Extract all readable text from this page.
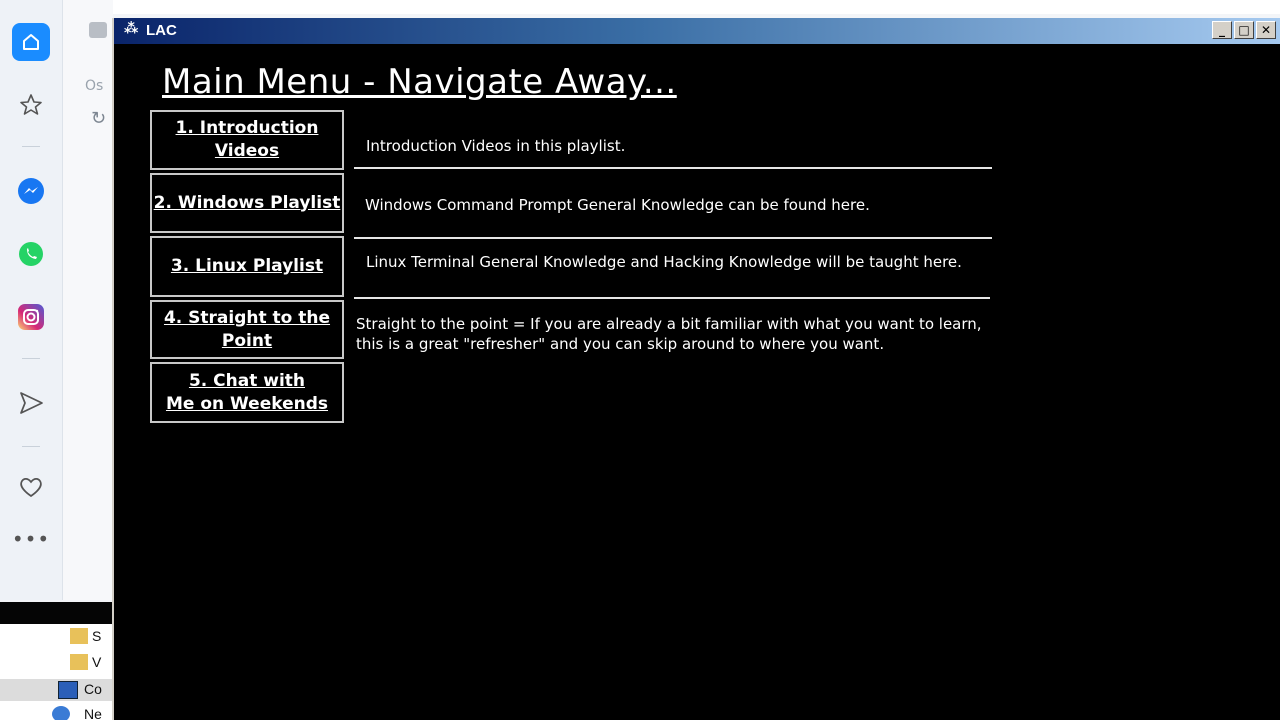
•••
Os
↻
S
V
Co
Ne
⁂ LAC	_	□ ✕
Main Menu - Navigate Away...
1. Introduction
Videos
2. Windows Playlist
3. Linux Playlist
4. Straight to the
Point
5. Chat with
Me on Weekends
Introduction Videos in this playlist.
Windows Command Prompt General Knowledge can be found here.
Linux Terminal General Knowledge and Hacking Knowledge will be taught here.
Straight to the point = If you are already a bit familiar with what you want to learn,
this is a great "refresher" and you can skip around to where you want.
